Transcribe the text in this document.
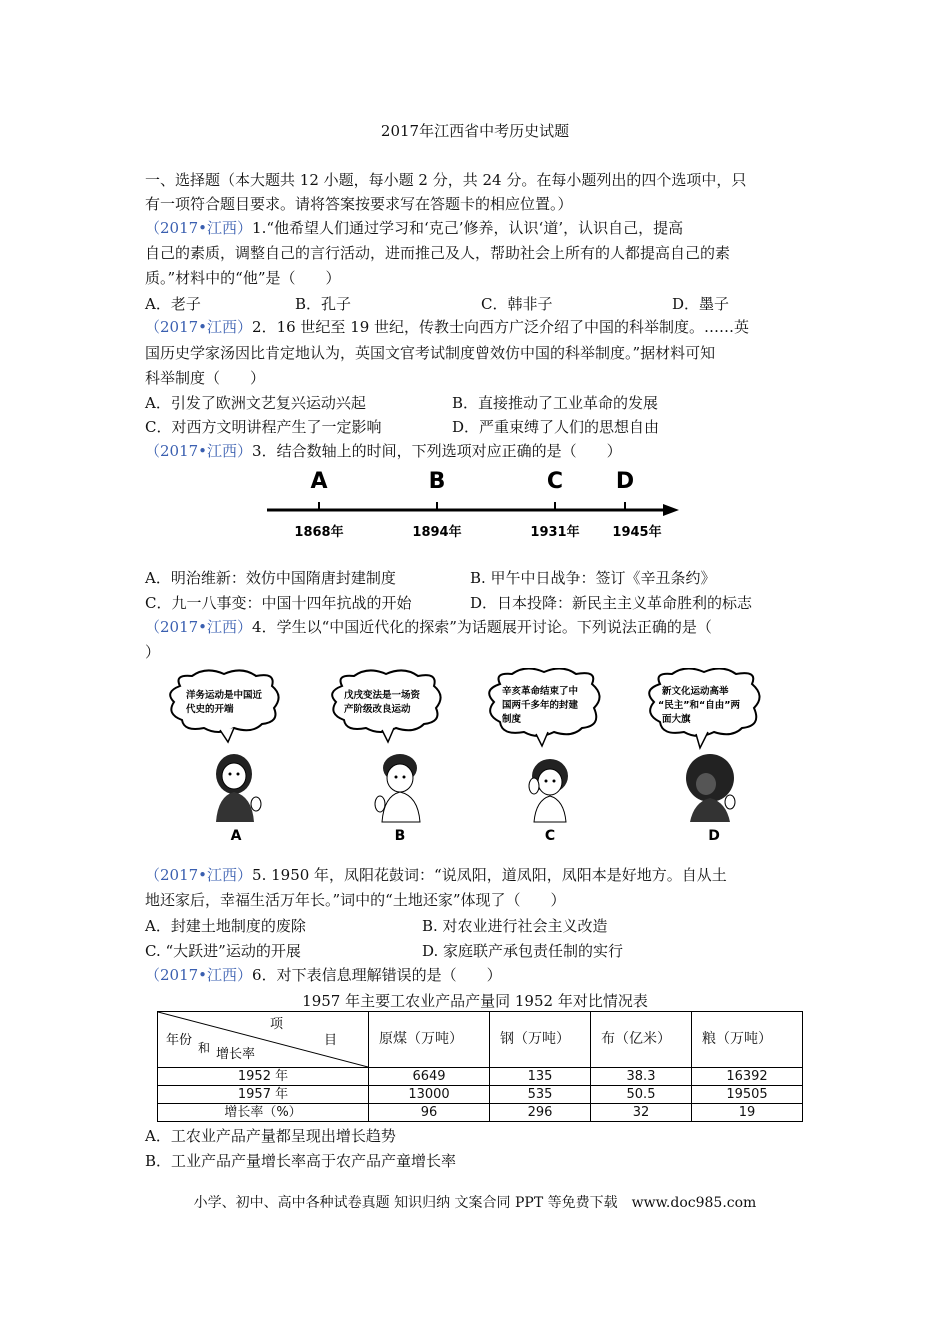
2017年江西省中考历史试题
一、选择题（本大题共 12 小题，每小题 2 分，共 24 分。在每小题列出的四个选项中，只
有一项符合题目要求。请将答案按要求写在答题卡的相应位置。）
（2017•江西）1.“他希望人们通过学习和‘克己’修养，认识‘道’，认识自己，提高
自己的素质，调整自己的言行活动，进而推己及人，帮助社会上所有的人都提高自己的素
质。”材料中的“他”是（　　）
A．老子	B．孔子	C．韩非子	D．墨子
（2017•江西）2．16 世纪至 19 世纪，传教士向西方广泛介绍了中国的科举制度。……英
国历史学家汤因比肯定地认为，英国文官考试制度曾效仿中国的科举制度。”据材料可知
科举制度（　　）
A．引发了欧洲文艺复兴运动兴起	B．直接推动了工业革命的发展
C．对西方文明讲程产生了一定影响	D．严重束缚了人们的思想自由
（2017•江西）3．结合数轴上的时间，下列选项对应正确的是（　　）
A
1868年
B
1894年
C
1931年
D
1945年
A．明治维新：效仿中国隋唐封建制度	B. 甲午中日战争：签订《辛丑条约》
C．九一八事变：中国十四年抗战的开始	D．日本投降：新民主主义革命胜利的标志
（2017•江西）4．学生以“中国近代化的探索”为话题展开讨论。下列说法正确的是（
）
洋务运动是中国近
代史的开端
A
戊戌变法是一场资
产阶级改良运动
B
辛亥革命结束了中
国两千多年的封建
制度
C
新文化运动高举
“民主”和“自由”两
面大旗
D
（2017•江西）5. 1950 年，凤阳花鼓词：“说凤阳，道凤阳，凤阳本是好地方。自从土
地还家后，幸福生活万年长。”词中的“土地还家”体现了（　　）
A．封建土地制度的废除	B. 对农业进行社会主义改造
C. “大跃进”运动的开展	D. 家庭联产承包责任制的实行
（2017•江西）6．对下表信息理解错误的是（　　）
1957 年主要工农业产品产量同 1952 年对比情况表
项
目
年份 和 增长率	原煤（万吨）	钢（万吨）	布（亿米）	粮（万吨）
1952 年	6649	135	38.3	16392
1957 年	13000	535	50.5	19505
增长率（%）	96	296	32	19
A．工农业产品产量都呈现出增长趋势
B．工业产品产量增长率高于农产品产童增长率
小学、初中、高中各种试卷真题 知识归纳 文案合同 PPT 等免费下载　www.doc985.com
